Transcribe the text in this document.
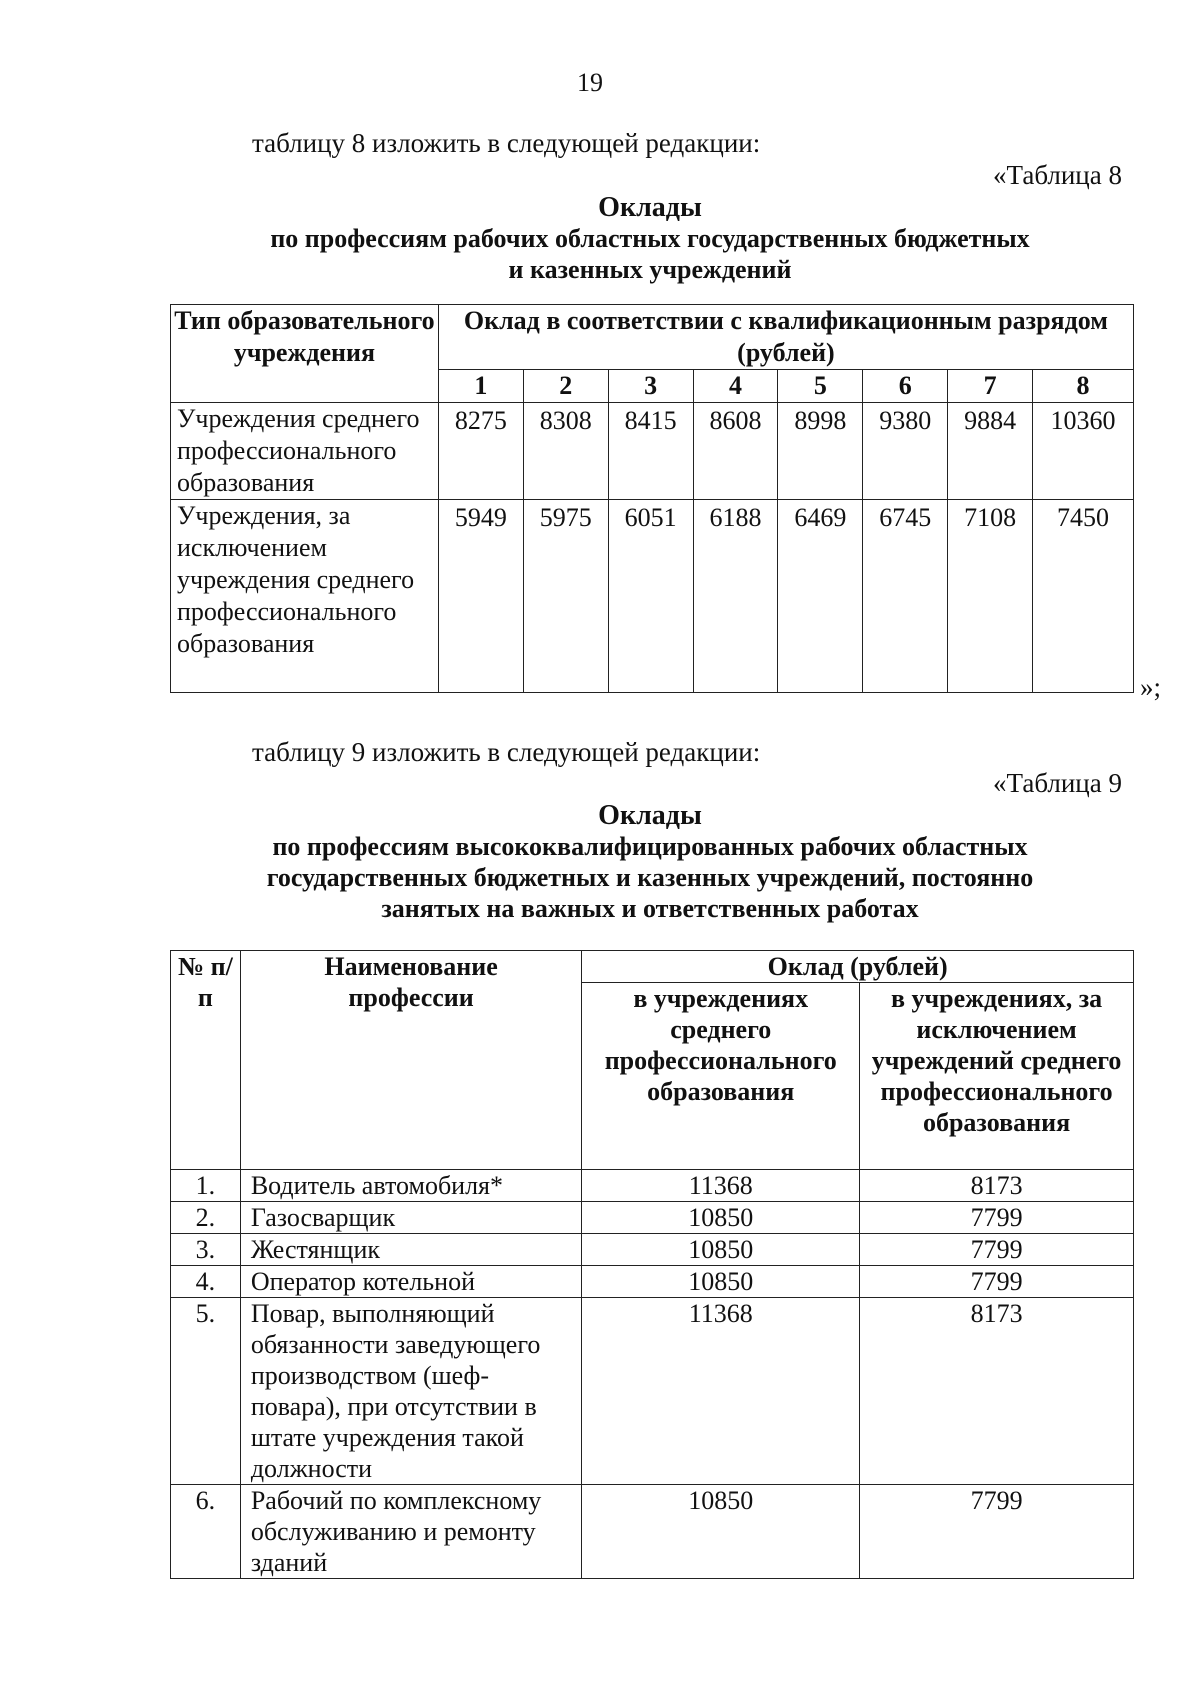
19
таблицу 8 изложить в следующей редакции:
«Таблица 8
Оклады
по профессиям рабочих областных государственных бюджетных
и казенных учреждений
Тип образовательного учреждения	Оклад в соответствии с квалификационным разрядом (рублей)							
	1	2	3	4	5	6	7	8
Учреждения среднего профессионального образования	8275	8308	8415	8608	8998	9380	9884	10360
Учреждения, за исключением учреждения среднего профессионального образования	5949	5975	6051	6188	6469	6745	7108	7450
»;
таблицу 9 изложить в следующей редакции:
«Таблица 9
Оклады
по профессиям высококвалифицированных рабочих областных
государственных бюджетных и казенных учреждений, постоянно
занятых на важных и ответственных работах
№ п/п	Наименование профессии	Оклад (рублей)	
		в учреждениях среднего профессионального образования	в учреждениях, за исключением учреждений среднего профессионального образования
1.	Водитель автомобиля*	11368	8173
2.	Газосварщик	10850	7799
3.	Жестянщик	10850	7799
4.	Оператор котельной	10850	7799
5.	Повар, выполняющий обязанности заведующего производством (шеф-повара), при отсутствии в штате учреждения такой должности	11368	8173
6.	Рабочий по комплексному обслуживанию и ремонту зданий	10850	7799
